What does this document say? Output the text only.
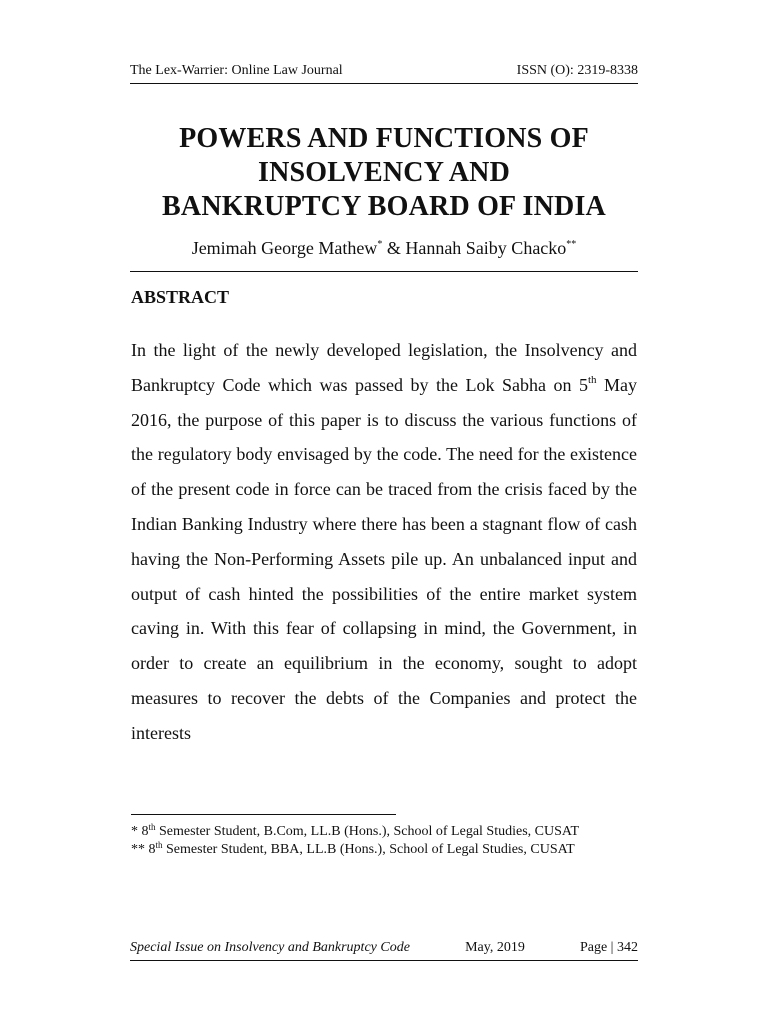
The Lex-Warrier: Online Law Journal	ISSN (O): 2319-8338
POWERS AND FUNCTIONS OF
INSOLVENCY AND
BANKRUPTCY BOARD OF INDIA
Jemimah George Mathew* & Hannah Saiby Chacko**
ABSTRACT

In the light of the newly developed legislation, the Insolvency and Bankruptcy Code which was passed by the Lok Sabha on 5th May 2016, the purpose of this paper is to discuss the various functions of the regulatory body envisaged by the code. The need for the existence of the present code in force can be traced from the crisis faced by the Indian Banking Industry where there has been a stagnant flow of cash having the Non-Performing Assets pile up. An unbalanced input and output of cash hinted the possibilities of the entire market system caving in. With this fear of collapsing in mind, the Government, in order to create an equilibrium in the economy, sought to adopt measures to recover the debts of the Companies and protect the interests

* 8th Semester Student, B.Com, LL.B (Hons.), School of Legal Studies, CUSAT

** 8th Semester Student, BBA, LL.B (Hons.), School of Legal Studies, CUSAT

Special Issue on Insolvency and Bankruptcy Code	May, 2019	Page | 342
